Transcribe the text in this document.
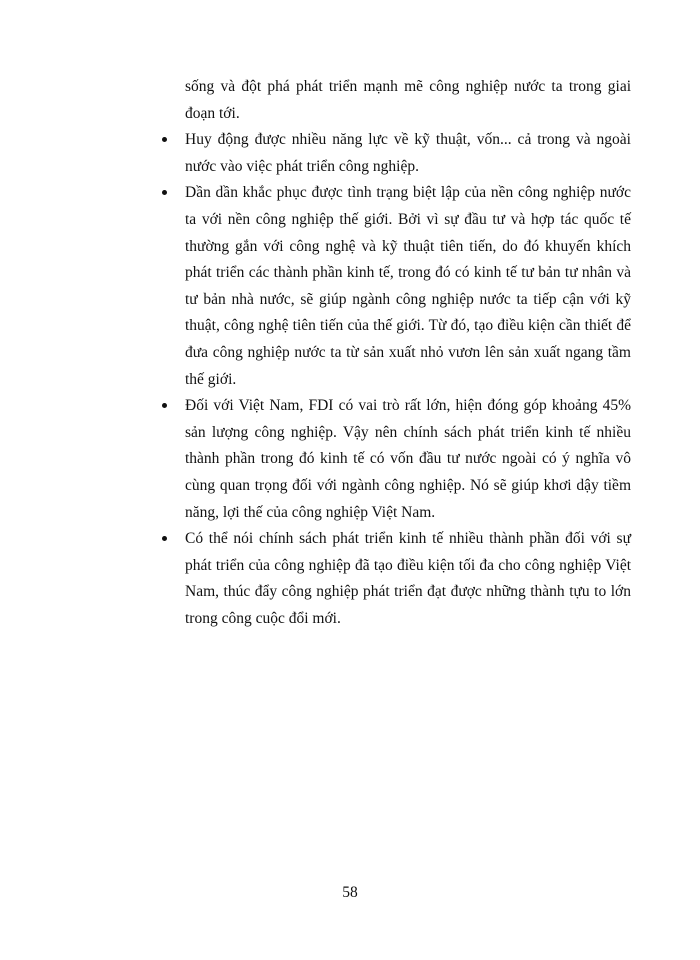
sống và đột phá phát triển mạnh mẽ công nghiệp nước ta trong giai đoạn tới.

Huy động được nhiều năng lực về kỹ thuật, vốn... cả trong và ngoài nước vào việc phát triển công nghiệp.
Dần dần khắc phục được tình trạng biệt lập của nền công nghiệp nước ta với nền công nghiệp thế giới. Bởi vì sự đầu tư và hợp tác quốc tế thường gắn với công nghệ và kỹ thuật tiên tiến, do đó khuyến khích phát triển các thành phần kinh tế, trong đó có kinh tế tư bản tư nhân và tư bản nhà nước, sẽ giúp ngành công nghiệp nước ta tiếp cận với kỹ thuật, công nghệ tiên tiến của thế giới. Từ đó, tạo điều kiện cần thiết để đưa công nghiệp nước ta từ sản xuất nhỏ vươn lên sản xuất ngang tầm thế giới.
Đối với Việt Nam, FDI có vai trò rất lớn, hiện đóng góp khoảng 45% sản lượng công nghiệp. Vậy nên chính sách phát triển kinh tế nhiều thành phần trong đó kinh tế có vốn đầu tư nước ngoài có ý nghĩa vô cùng quan trọng đối với ngành công nghiệp. Nó sẽ giúp khơi dậy tiềm năng, lợi thế của công nghiệp Việt Nam.
Có thể nói chính sách phát triển kinh tế nhiều thành phần đối với sự phát triển của công nghiệp đã tạo điều kiện tối đa cho công nghiệp Việt Nam, thúc đẩy công nghiệp phát triển đạt được những thành tựu to lớn trong công cuộc đổi mới.

58
